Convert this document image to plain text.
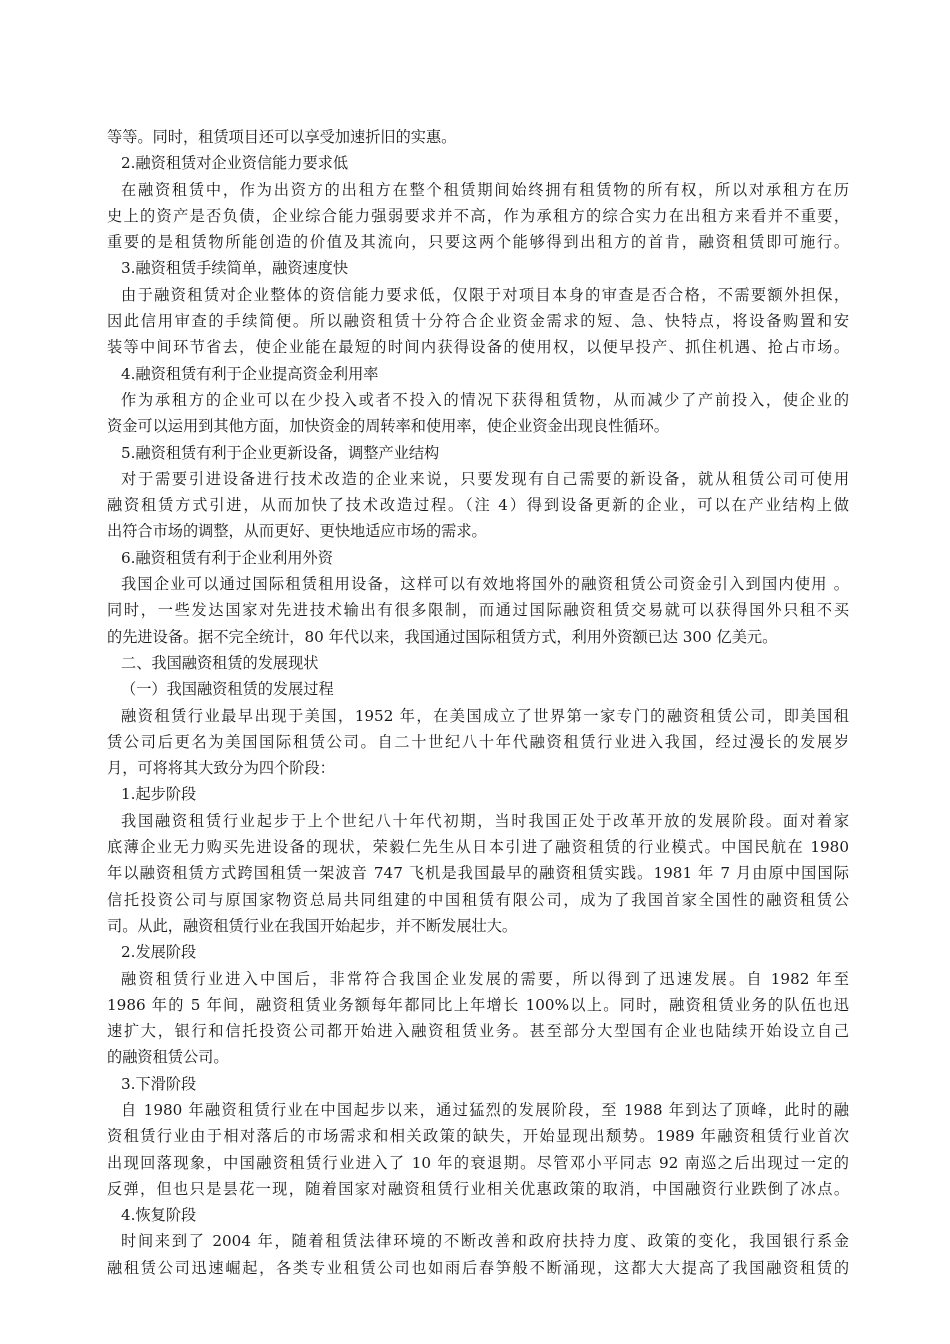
等等。同时，租赁项目还可以享受加速折旧的实惠。
2.融资租赁对企业资信能力要求低
在融资租赁中，作为出资方的出租方在整个租赁期间始终拥有租赁物的所有权，所以对承租方在历
史上的资产是否负债，企业综合能力强弱要求并不高，作为承租方的综合实力在出租方来看并不重要，
重要的是租赁物所能创造的价值及其流向，只要这两个能够得到出租方的首肯，融资租赁即可施行。
3.融资租赁手续简单，融资速度快
由于融资租赁对企业整体的资信能力要求低，仅限于对项目本身的审查是否合格，不需要额外担保，
因此信用审查的手续简便。所以融资租赁十分符合企业资金需求的短、急、快特点，将设备购置和安
装等中间环节省去，使企业能在最短的时间内获得设备的使用权，以便早投产、抓住机遇、抢占市场。
4.融资租赁有利于企业提高资金利用率
作为承租方的企业可以在少投入或者不投入的情况下获得租赁物，从而减少了产前投入，使企业的
资金可以运用到其他方面，加快资金的周转率和使用率，使企业资金出现良性循环。
5.融资租赁有利于企业更新设备，调整产业结构
对于需要引进设备进行技术改造的企业来说，只要发现有自己需要的新设备，就从租赁公司可使用
融资租赁方式引进，从而加快了技术改造过程。（注 4）得到设备更新的企业，可以在产业结构上做
出符合市场的调整，从而更好、更快地适应市场的需求。
6.融资租赁有利于企业利用外资
我国企业可以通过国际租赁租用设备，这样可以有效地将国外的融资租赁公司资金引入到国内使用 。
同时，一些发达国家对先进技术输出有很多限制，而通过国际融资租赁交易就可以获得国外只租不买
的先进设备。据不完全统计，80 年代以来，我国通过国际租赁方式，利用外资额已达 300 亿美元。
二、我国融资租赁的发展现状
（一）我国融资租赁的发展过程
融资租赁行业最早出现于美国，1952 年，在美国成立了世界第一家专门的融资租赁公司，即美国租
赁公司后更名为美国国际租赁公司。自二十世纪八十年代融资租赁行业进入我国，经过漫长的发展岁
月，可将将其大致分为四个阶段：
1.起步阶段
我国融资租赁行业起步于上个世纪八十年代初期，当时我国正处于改革开放的发展阶段。面对着家
底薄企业无力购买先进设备的现状，荣毅仁先生从日本引进了融资租赁的行业模式。中国民航在 1980
年以融资租赁方式跨国租赁一架波音 747 飞机是我国最早的融资租赁实践。1981 年 7 月由原中国国际
信托投资公司与原国家物资总局共同组建的中国租赁有限公司，成为了我国首家全国性的融资租赁公
司。从此，融资租赁行业在我国开始起步，并不断发展壮大。
2.发展阶段
融资租赁行业进入中国后，非常符合我国企业发展的需要，所以得到了迅速发展。自 1982 年至
1986 年的 5 年间，融资租赁业务额每年都同比上年增长 100%以上。同时，融资租赁业务的队伍也迅
速扩大，银行和信托投资公司都开始进入融资租赁业务。甚至部分大型国有企业也陆续开始设立自己
的融资租赁公司。
3.下滑阶段
自 1980 年融资租赁行业在中国起步以来，通过猛烈的发展阶段，至 1988 年到达了顶峰，此时的融
资租赁行业由于相对落后的市场需求和相关政策的缺失，开始显现出颓势。1989 年融资租赁行业首次
出现回落现象，中国融资租赁行业进入了 10 年的衰退期。尽管邓小平同志 92 南巡之后出现过一定的
反弹，但也只是昙花一现，随着国家对融资租赁行业相关优惠政策的取消，中国融资行业跌倒了冰点。
4.恢复阶段
时间来到了 2004 年，随着租赁法律环境的不断改善和政府扶持力度、政策的变化，我国银行系金
融租赁公司迅速崛起，各类专业租赁公司也如雨后春笋般不断涌现，这都大大提高了我国融资租赁的
